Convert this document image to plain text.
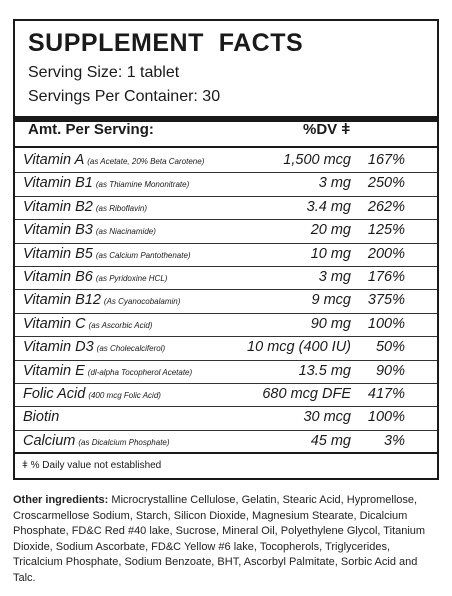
SUPPLEMENT  FACTS
Serving Size: 1 tablet
Servings Per Container: 30
Amt. Per Serving:	%DV ǂ
Vitamin A (as Acetate, 20% Beta Carotene)	1,500 mcg 167%
Vitamin B1 (as Thiamine Mononitrate)	3 mg 250%
Vitamin B2 (as Riboflavin)	3.4 mg 262%
Vitamin B3 (as Niacinamide)	20 mg 125%
Vitamin B5 (as Calcium Pantothenate)	10 mg 200%
Vitamin B6 (as Pyridoxine HCL)	3 mg 176%
Vitamin B12 (As Cyanocobalamin)	9 mcg 375%
Vitamin C (as Ascorbic Acid)	90 mg 100%
Vitamin D3 (as Cholecalciferol)	10 mcg (400 IU) 50%
Vitamin E (dl-alpha Tocopherol Acetate)	13.5 mg 90%
Folic Acid (400 mcg Folic Acid)	680 mcg DFE 417%
Biotin	30 mcg 100%
Calcium (as Dicalcium Phosphate)	45 mg 3%
ǂ % Daily value not established
Other ingredients: Microcrystalline Cellulose, Gelatin, Stearic Acid, Hypromellose, Croscarmellose Sodium, Starch, Silicon Dioxide, Magnesium Stearate, Dicalcium Phosphate, FD&C Red #40 lake, Sucrose, Mineral Oil, Polyethylene Glycol, Titanium Dioxide, Sodium Ascorbate, FD&C Yellow #6 lake, Tocopherols, Triglycerides, Tricalcium Phosphate, Sodium Benzoate, BHT, Ascorbyl Palmitate, Sorbic Acid and Talc.
